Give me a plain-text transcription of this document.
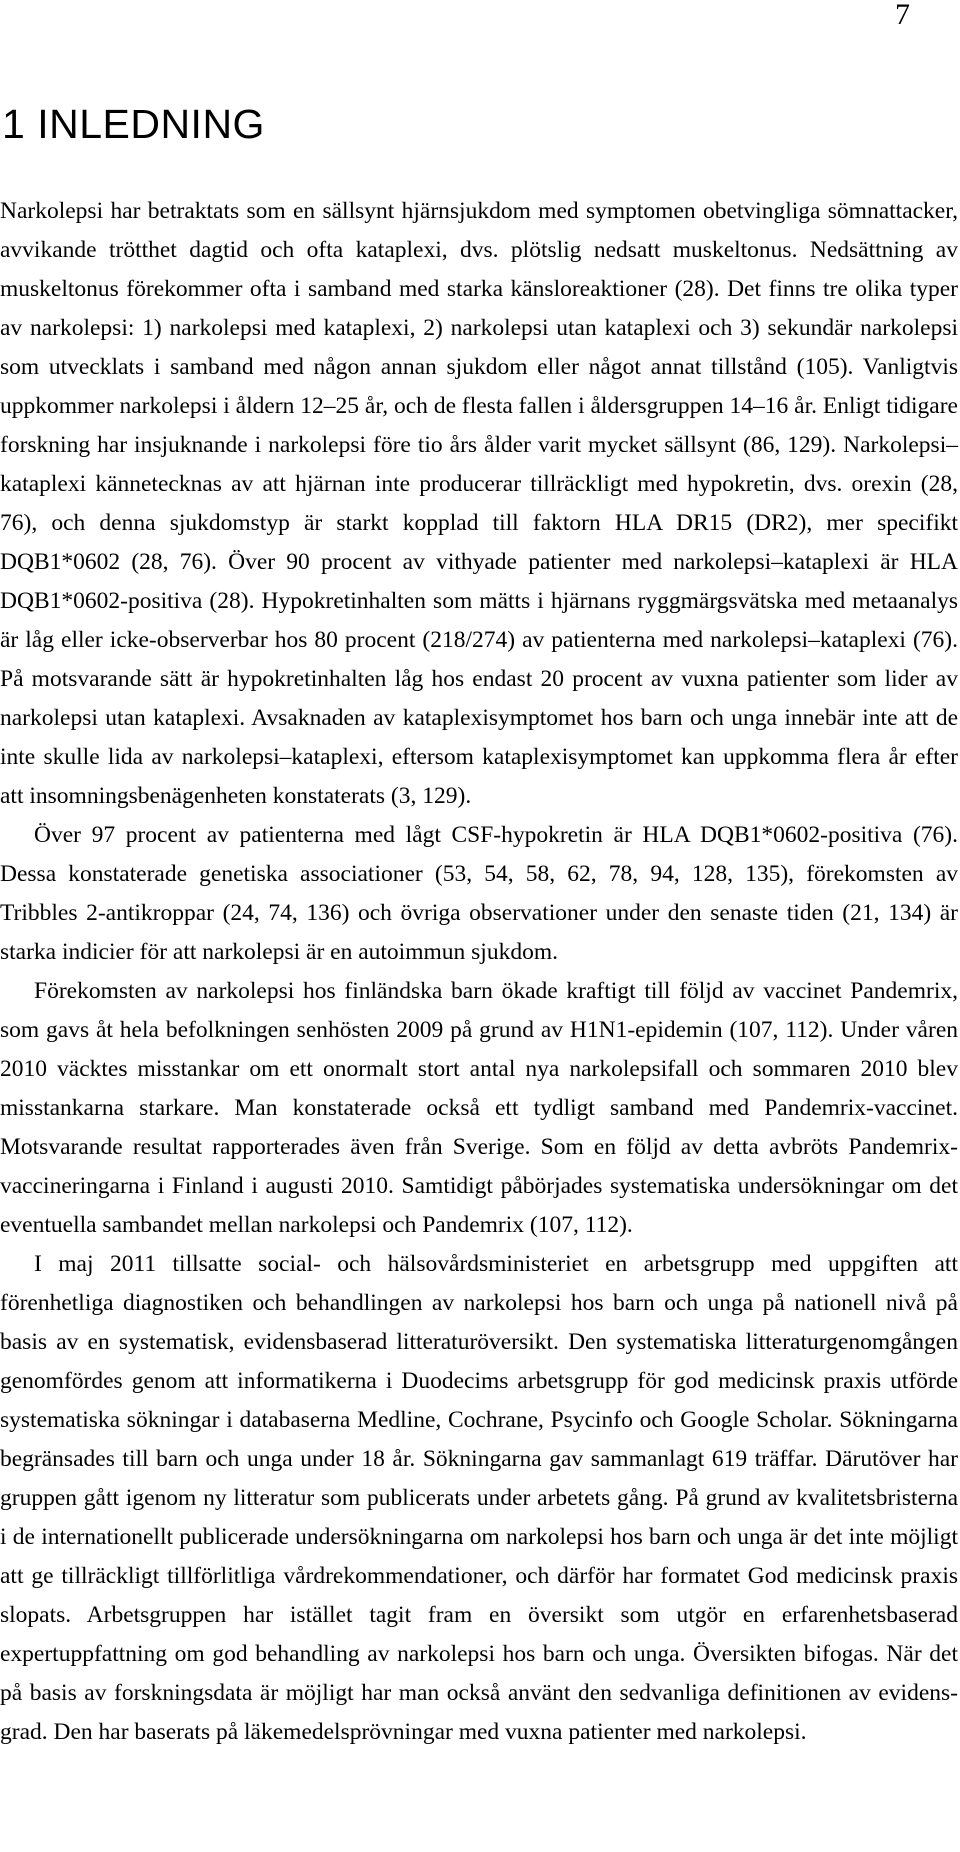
7
1 INLEDNING

Narkolepsi har betraktats som en sällsynt hjärnsjukdom med symptomen obetvingliga sömnattacker, avvikande trötthet dagtid och ofta kataplexi, dvs. plötslig nedsatt muskeltonus. Nedsättning av muskeltonus förekommer ofta i samband med starka känsloreaktioner (28). Det finns tre olika typer av narkolepsi: 1) narkolepsi med kataplexi, 2) narkolepsi utan kataplexi och 3) sekundär narkolepsi som utvecklats i samband med någon annan sjukdom eller något annat tillstånd (105). Vanligtvis uppkommer narkolepsi i åldern 12–25 år, och de flesta fallen i åldersgruppen 14–16 år. Enligt tidigare forskning har insjuknande i narkolepsi före tio års ålder varit mycket sällsynt (86, 129). Narkolepsi–kataplexi kännetecknas av att hjärnan inte producerar tillräckligt med hypokretin, dvs. orexin (28, 76), och denna sjukdomstyp är starkt kopplad till faktorn HLA DR15 (DR2), mer specifikt DQB1*0602 (28, 76). Över 90 procent av vithyade patienter med narkolepsi–kataplexi är HLA DQB1*0602-positiva (28). Hypokretinhalten som mätts i hjärnans ryggmärgsvätska med metaanalys är låg eller icke-observerbar hos 80 procent (218/274) av patienterna med narkolepsi–kataplexi (76). På motsvarande sätt är hypokretinhalten låg hos endast 20 procent av vuxna patienter som lider av narkolepsi utan kataplexi. Avsaknaden av kataplexisymptomet hos barn och unga innebär inte att de inte skulle lida av narkolepsi–kataplexi, eftersom kataplexisymptomet kan uppkomma flera år efter att insomningsbenägenheten konstaterats (3, 129).

Över 97 procent av patienterna med lågt CSF-hypokretin är HLA DQB1*0602-positiva (76). Dessa konstaterade genetiska associationer (53, 54, 58, 62, 78, 94, 128, 135), förekomsten av Tribbles 2-antikroppar (24, 74, 136) och övriga observationer under den senaste tiden (21, 134) är starka indicier för att narkolepsi är en autoimmun sjukdom.

Förekomsten av narkolepsi hos finländska barn ökade kraftigt till följd av vaccinet Pandemrix, som gavs åt hela befolkningen senhösten 2009 på grund av H1N1-epidemin (107, 112). Under våren 2010 väcktes misstankar om ett onormalt stort antal nya narkolepsifall och sommaren 2010 blev misstankarna starkare. Man konstaterade också ett tydligt samband med Pandemrix-vaccinet. Motsvarande resultat rapporterades även från Sverige. Som en följd av detta avbröts Pandemrix-vaccineringarna i Finland i augusti 2010. Samtidigt påbörjades systematiska undersökningar om det eventuella sambandet mellan narkolepsi och Pandemrix (107, 112).

I maj 2011 tillsatte social- och hälsovårdsministeriet en arbetsgrupp med uppgiften att förenhetliga diagnostiken och behandlingen av narkolepsi hos barn och unga på nationell nivå på basis av en systematisk, evidensbaserad litteraturöversikt. Den systematiska litteraturgenomgången genomfördes genom att informatikerna i Duodecims arbetsgrupp för god medicinsk praxis utförde systematiska sökningar i databaserna Medline, Cochrane, Psycinfo och Google Scholar. Sökningarna begränsades till barn och unga under 18 år. Sökningarna gav sammanlagt 619 träffar. Därutöver har gruppen gått igenom ny litteratur som publicerats under arbetets gång. På grund av kvalitetsbristerna i de internationellt publicerade undersökningarna om narkolepsi hos barn och unga är det inte möjligt att ge tillräckligt tillförlitliga vårdrekommendationer, och därför har formatet God medicinsk praxis slopats. Arbetsgruppen har istället tagit fram en översikt som utgör en erfarenhetsbaserad expertuppfattning om god behandling av narkolepsi hos barn och unga. Översikten bifogas. När det på basis av forskningsdata är möjligt har man också använt den sedvanliga definitionen av evidensgrad. Den har baserats på läkemedelsprövningar med vuxna patienter med narkolepsi.
